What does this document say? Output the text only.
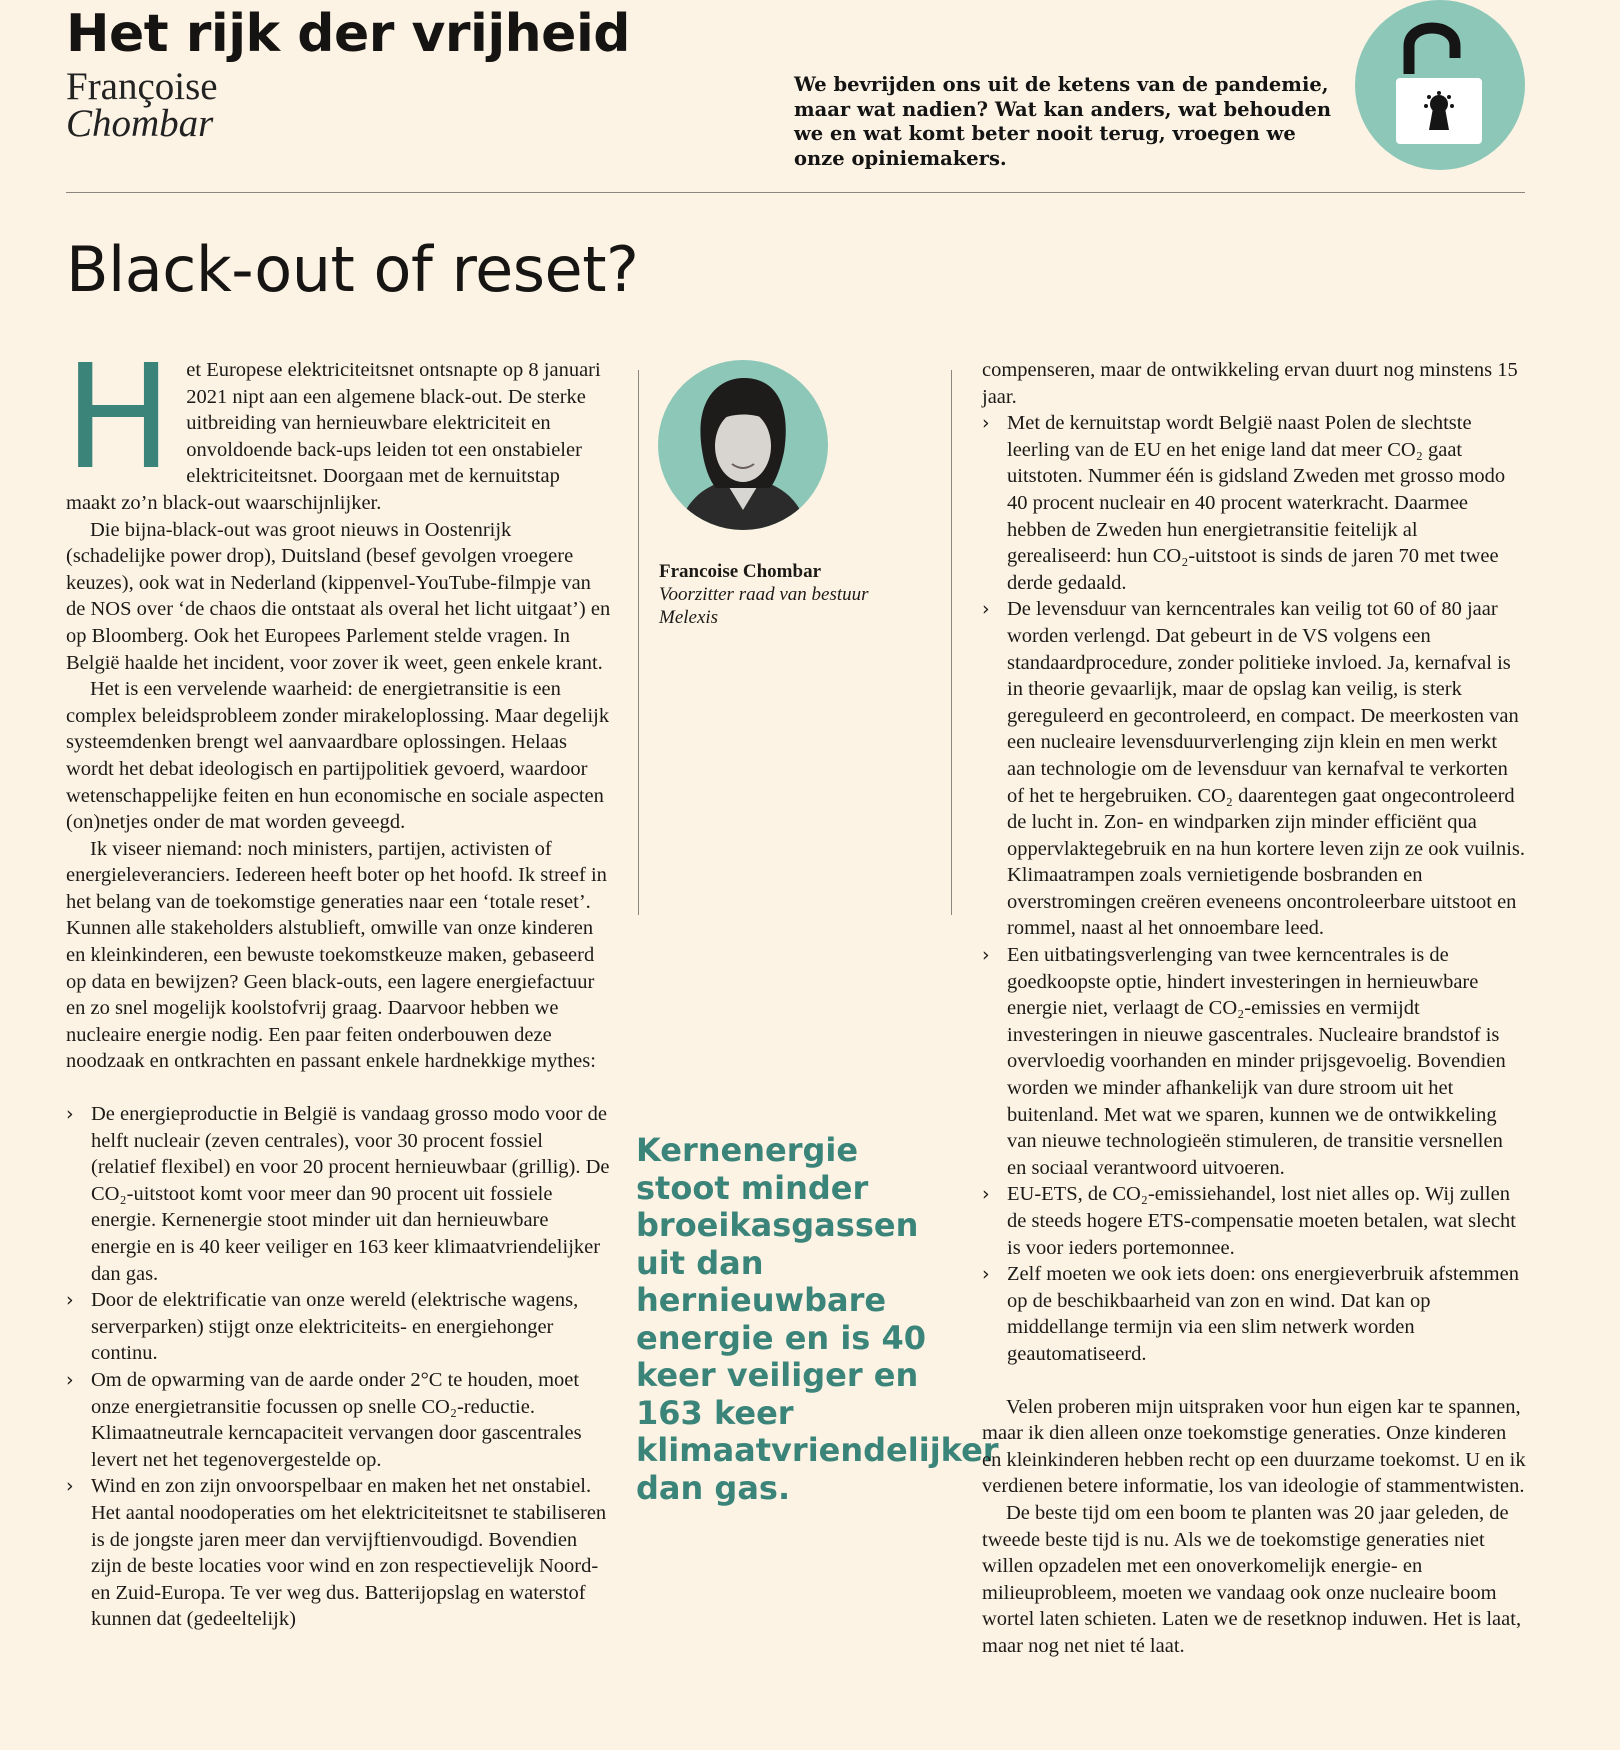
Het rijk der vrijheid
Françoise
Chombar
We bevrijden ons uit de ketens van de pandemie, maar wat nadien? Wat kan anders, wat behouden we en wat komt beter nooit terug, vroegen we onze opiniemakers.
Black-out of reset?

Het Europese elektriciteitsnet ontsnapte op 8 januari 2021 nipt aan een algemene black-out. De sterke uitbreiding van hernieuwbare elektriciteit en onvoldoende back-ups leiden tot een onstabieler elektriciteitsnet. Doorgaan met de kernuitstap maakt zo’n black-out waarschijnlijker.

Die bijna-black-out was groot nieuws in Oostenrijk (schadelijke power drop), Duitsland (besef gevolgen vroegere keuzes), ook wat in Nederland (kippenvel-YouTube-filmpje van de NOS over ‘de chaos die ontstaat als overal het licht uitgaat’) en op Bloomberg. Ook het Europees Parlement stelde vragen. In België haalde het incident, voor zover ik weet, geen enkele krant.

Het is een vervelende waarheid: de energietransitie is een complex beleidsprobleem zonder mirakeloplossing. Maar degelijk systeemdenken brengt wel aanvaardbare oplossingen. Helaas wordt het debat ideologisch en partijpolitiek gevoerd, waardoor wetenschappelijke feiten en hun economische en sociale aspecten (on)netjes onder de mat worden geveegd.

Ik viseer niemand: noch ministers, partijen, activisten of energieleveranciers. Iedereen heeft boter op het hoofd. Ik streef in het belang van de toekomstige generaties naar een ‘totale reset’. Kunnen alle stakeholders alstublieft, omwille van onze kinderen en kleinkinderen, een bewuste toekomstkeuze maken, gebaseerd op data en bewijzen? Geen black-outs, een lagere energiefactuur en zo snel mogelijk koolstofvrij graag. Daarvoor hebben we nucleaire energie nodig. Een paar feiten onderbouwen deze noodzaak en ontkrachten en passant enkele hardnekkige mythes:

› De energieproductie in België is vandaag grosso modo voor de helft nucleair (zeven centrales), voor 30 procent fossiel (relatief flexibel) en voor 20 procent hernieuwbaar (grillig). De CO₂-uitstoot komt voor meer dan 90 procent uit fossiele energie. Kernenergie stoot minder uit dan hernieuwbare energie en is 40 keer veiliger en 163 keer klimaatvriendelijker dan gas.
› Door de elektrificatie van onze wereld (elektrische wagens, serverparken) stijgt onze elektriciteits- en energiehonger continu.
› Om de opwarming van de aarde onder 2°C te houden, moet onze energietransitie focussen op snelle CO₂-reductie. Klimaatneutrale kerncapaciteit vervangen door gascentrales levert net het tegenovergestelde op.
› Wind en zon zijn onvoorspelbaar en maken het net onstabiel. Het aantal noodoperaties om het elektriciteitsnet te stabiliseren is de jongste jaren meer dan vervijftienvoudigd. Bovendien zijn de beste locaties voor wind en zon respectievelijk Noord- en Zuid-Europa. Te ver weg dus. Batterijopslag en waterstof kunnen dat (gedeeltelijk)
Francoise Chombar
Voorzitter raad van bestuur Melexis
Kernenergie stoot minder broeikasgassen uit dan hernieuwbare energie en is 40 keer veiliger en 163 keer klimaatvriendelijker dan gas.

compenseren, maar de ontwikkeling ervan duurt nog minstens 15 jaar.

› Met de kernuitstap wordt België naast Polen de slechtste leerling van de EU en het enige land dat meer CO₂ gaat uitstoten. Nummer één is gidsland Zweden met grosso modo 40 procent nucleair en 40 procent waterkracht. Daarmee hebben de Zweden hun energietransitie feitelijk al gerealiseerd: hun CO₂-uitstoot is sinds de jaren 70 met twee derde gedaald.
› De levensduur van kerncentrales kan veilig tot 60 of 80 jaar worden verlengd. Dat gebeurt in de VS volgens een standaardprocedure, zonder politieke invloed. Ja, kernafval is in theorie gevaarlijk, maar de opslag kan veilig, is sterk gereguleerd en gecontroleerd, en compact. De meerkosten van een nucleaire levensduurverlenging zijn klein en men werkt aan technologie om de levensduur van kernafval te verkorten of het te hergebruiken. CO₂ daarentegen gaat ongecontroleerd de lucht in. Zon- en windparken zijn minder efficiënt qua oppervlaktegebruik en na hun kortere leven zijn ze ook vuilnis. Klimaatrampen zoals vernietigende bosbranden en overstromingen creëren eveneens oncontroleerbare uitstoot en rommel, naast al het onnoembare leed.
› Een uitbatingsverlenging van twee kerncentrales is de goedkoopste optie, hindert investeringen in hernieuwbare energie niet, verlaagt de CO₂-emissies en vermijdt investeringen in nieuwe gascentrales. Nucleaire brandstof is overvloedig voorhanden en minder prijsgevoelig. Bovendien worden we minder afhankelijk van dure stroom uit het buitenland. Met wat we sparen, kunnen we de ontwikkeling van nieuwe technologieën stimuleren, de transitie versnellen en sociaal verantwoord uitvoeren.
› EU-ETS, de CO₂-emissiehandel, lost niet alles op. Wij zullen de steeds hogere ETS-compensatie moeten betalen, wat slecht is voor ieders portemonnee.
› Zelf moeten we ook iets doen: ons energieverbruik afstemmen op de beschikbaarheid van zon en wind. Dat kan op middellange termijn via een slim netwerk worden geautomatiseerd.

Velen proberen mijn uitspraken voor hun eigen kar te spannen, maar ik dien alleen onze toekomstige generaties. Onze kinderen en kleinkinderen hebben recht op een duurzame toekomst. U en ik verdienen betere informatie, los van ideologie of stammentwisten.

De beste tijd om een boom te planten was 20 jaar geleden, de tweede beste tijd is nu. Als we de toekomstige generaties niet willen opzadelen met een onoverkomelijk energie- en milieuprobleem, moeten we vandaag ook onze nucleaire boom wortel laten schieten. Laten we de resetknop induwen. Het is laat, maar nog net niet té laat.
